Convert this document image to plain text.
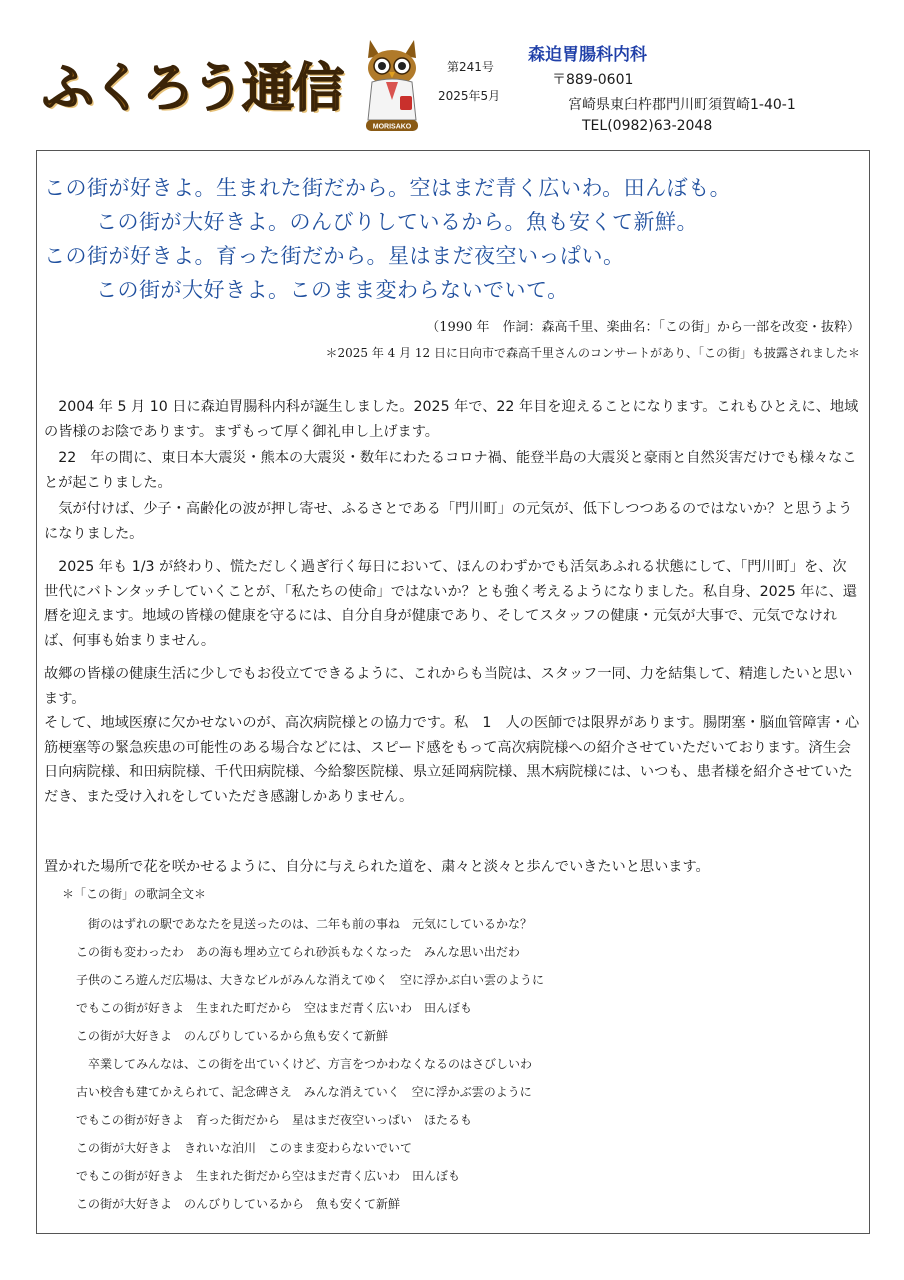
ふくろう通信
MORISAKO
第241号
2025年5月
森迫胃腸科内科
〒889-0601
宮崎県東臼杵郡門川町須賀崎1-40-1
TEL(0982)63-2048
この街が好きよ。生まれた街だから。空はまだ青く広いわ。田んぼも。
この街が大好きよ。のんびりしているから。魚も安くて新鮮。
この街が好きよ。育った街だから。星はまだ夜空いっぱい。
この街が大好きよ。このまま変わらないでいて。
（1990 年　作詞：森高千里、楽曲名：「この街」から一部を改変・抜粋）
＊2025 年 4 月 12 日に日向市で森高千里さんのコンサートがあり、「この街」も披露されました＊
　2004 年 5 月 10 日に森迫胃腸科内科が誕生しました。2025 年で、22 年目を迎えることになります。これもひとえに、地域の皆様のお陰であります。まずもって厚く御礼申し上げます。
　22　年の間に、東日本大震災・熊本の大震災・数年にわたるコロナ禍、能登半島の大震災と豪雨と自然災害だけでも様々なことが起こりました。
　気が付けば、少子・高齢化の波が押し寄せ、ふるさとである「門川町」の元気が、低下しつつあるのではないか？と思うようになりました。
　2025 年も 1/3 が終わり、慌ただしく過ぎ行く毎日において、ほんのわずかでも活気あふれる状態にして、「門川町」を、次世代にバトンタッチしていくことが、「私たちの使命」ではないか？とも強く考えるようになりました。私自身、2025 年に、還暦を迎えます。地域の皆様の健康を守るには、自分自身が健康であり、そしてスタッフの健康・元気が大事で、元気でなければ、何事も始まりません。
故郷の皆様の健康生活に少しでもお役立てできるように、これからも当院は、スタッフ一同、力を結集して、精進したいと思います。
そして、地域医療に欠かせないのが、高次病院様との協力です。私　1　人の医師では限界があります。腸閉塞・脳血管障害・心筋梗塞等の緊急疾患の可能性のある場合などには、スピード感をもって高次病院様への紹介させていただいております。済生会日向病院様、和田病院様、千代田病院様、今給黎医院様、県立延岡病院様、黒木病院様には、いつも、患者様を紹介させていただき、また受け入れをしていただき感謝しかありません。
置かれた場所で花を咲かせるように、自分に与えられた道を、粛々と淡々と歩んでいきたいと思います。
＊「この街」の歌詞全文＊
　街のはずれの駅であなたを見送ったのは、二年も前の事ね　元気にしているかな？
この街も変わったわ　あの海も埋め立てられ砂浜もなくなった　みんな思い出だわ
子供のころ遊んだ広場は、大きなビルがみんな消えてゆく　空に浮かぶ白い雲のように
でもこの街が好きよ　生まれた町だから　空はまだ青く広いわ　田んぼも
この街が大好きよ　のんびりしているから魚も安くて新鮮
　卒業してみんなは、この街を出ていくけど、方言をつかわなくなるのはさびしいわ
古い校舎も建てかえられて、記念碑さえ　みんな消えていく　空に浮かぶ雲のように
でもこの街が好きよ　育った街だから　星はまだ夜空いっぱい　ほたるも
この街が大好きよ　きれいな泊川　このまま変わらないでいて
でもこの街が好きよ　生まれた街だから空はまだ青く広いわ　田んぼも
この街が大好きよ　のんびりしているから　魚も安くて新鮮
